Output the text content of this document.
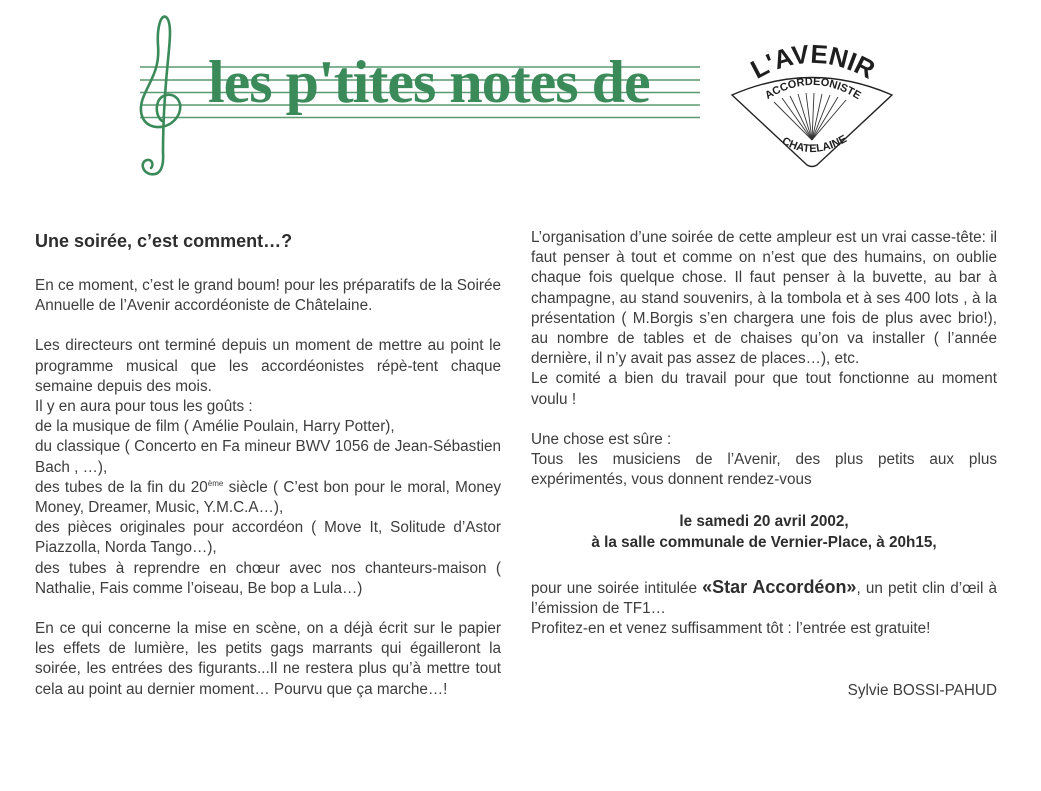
les p'tites notes de	L'AVENIR
ACCORDEONISTE
CHATELAINE
Une soirée, c’est comment…?

En ce moment, c’est le grand boum! pour les préparatifs de la Soirée Annuelle de l’Avenir accordéoniste de Châtelaine.

Les directeurs ont terminé depuis un moment de mettre au point le programme musical que les accordéonistes répè-tent chaque semaine depuis des mois.

Il y en aura pour tous les goûts :

de la musique de film ( Amélie Poulain, Harry Potter),

du classique ( Concerto en Fa mineur BWV 1056 de Jean-Sébastien Bach , …),

des tubes de la fin du 20ème siècle ( C’est bon pour le moral, Money Money, Dreamer, Music, Y.M.C.A…),

des pièces originales pour accordéon ( Move It, Solitude d’Astor Piazzolla, Norda Tango…),

des tubes à reprendre en chœur avec nos chanteurs-maison ( Nathalie, Fais comme l’oiseau, Be bop a Lula…)

En ce qui concerne la mise en scène, on a déjà écrit sur le papier les effets de lumière, les petits gags marrants qui égailleront la soirée, les entrées des figurants...Il ne restera plus qu’à mettre tout cela au point au dernier moment… Pourvu que ça marche…!

L’organisation d’une soirée de cette ampleur est un vrai casse-tête: il faut penser à tout et comme on n’est que des humains, on oublie chaque fois quelque chose. Il faut penser à la buvette, au bar à champagne, au stand souvenirs, à la tombola et à ses 400 lots , à la présentation ( M.Borgis s’en chargera une fois de plus avec brio!), au nombre de tables et de chaises qu’on va installer ( l’année dernière, il n’y avait pas assez de places…), etc.

Le comité a bien du travail pour que tout fonctionne au moment voulu !

Une chose est sûre :

Tous les musiciens de l’Avenir, des plus petits aux plus expérimentés, vous donnent rendez-vous

le samedi 20 avril 2002,

à la salle communale de Vernier-Place, à 20h15,

pour une soirée intitulée «Star Accordéon», un petit clin d’œil à l’émission de TF1…

Profitez-en et venez suffisamment tôt : l’entrée est gratuite!

Sylvie BOSSI-PAHUD
